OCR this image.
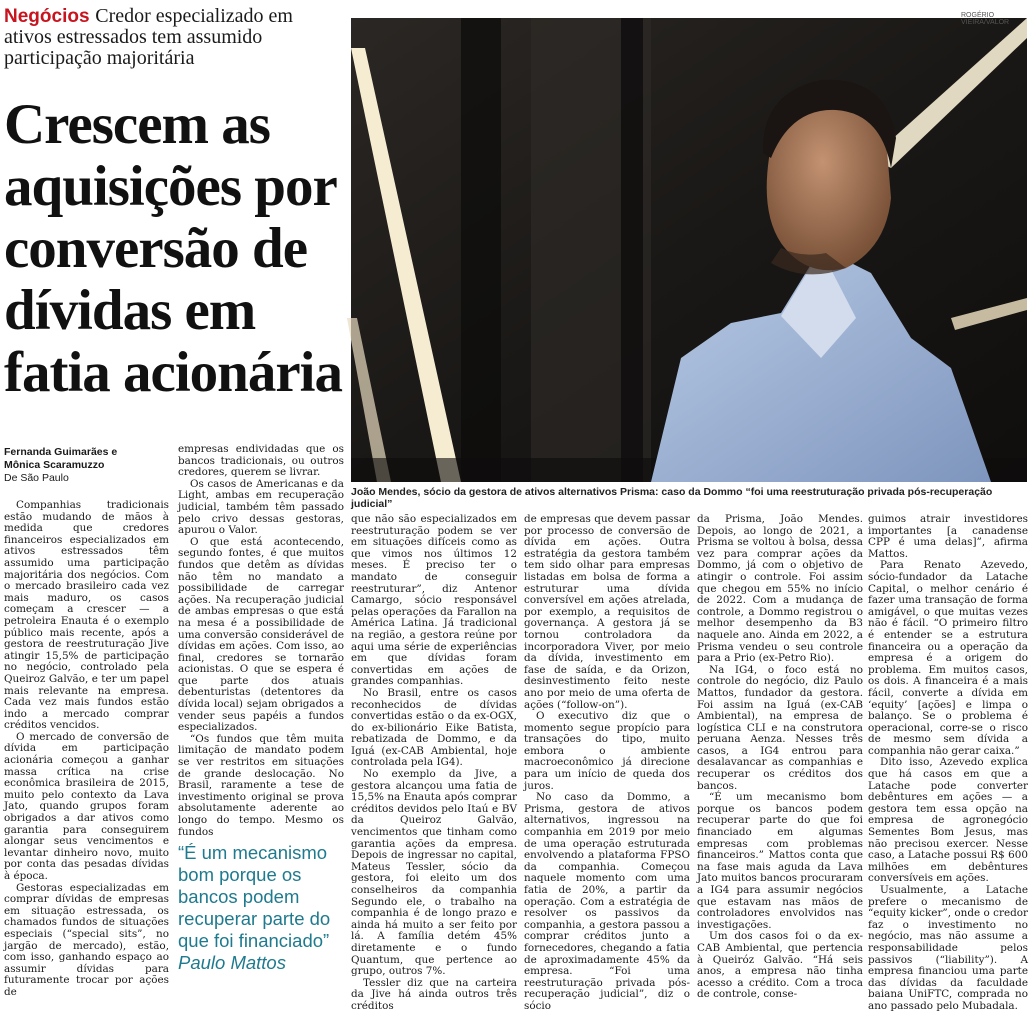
Negócios Credor especializado em ativos estressados tem assumido participação majoritária
Crescem as aquisições por conversão de dívidas em fatia acionária
ROGÉRIO VIEIRA/VALOR
João Mendes, sócio da gestora de ativos alternativos Prisma: caso da Dommo “foi uma reestruturação privada pós-recuperação judicial”
Fernanda Guimarães e
Mônica Scaramuzzo
De São Paulo

Companhias tradicionais estão mudando de mãos à medida que credores financeiros especializados em ativos estressados têm assumido uma participação majoritária dos negócios. Com o mercado brasileiro cada vez mais maduro, os casos começam a crescer — a petroleira Enauta é o exemplo público mais recente, após a gestora de reestruturação Jive atingir 15,5% de participação no negócio, controlado pela Queiroz Galvão, e ter um papel mais relevante na empresa. Cada vez mais fundos estão indo a mercado comprar créditos vencidos.

O mercado de conversão de dívida em participação acionária começou a ganhar massa crítica na crise econômica brasileira de 2015, muito pelo contexto da Lava Jato, quando grupos foram obrigados a dar ativos como garantia para conseguirem alongar seus vencimentos e levantar dinheiro novo, muito por conta das pesadas dívidas à época.

Gestoras especializadas em comprar dívidas de empresas em situação estressada, os chamados fundos de situações especiais (“special sits”, no jargão de mercado), estão, com isso, ganhando espaço ao assumir dívidas para futuramente trocar por ações de

empresas endividadas que os bancos tradicionais, ou outros credores, querem se livrar.

Os casos de Americanas e da Light, ambas em recuperação judicial, também têm passado pelo crivo dessas gestoras, apurou o Valor.

O que está acontecendo, segundo fontes, é que muitos fundos que detêm as dívidas não têm no mandato a possibilidade de carregar ações. Na recuperação judicial de ambas empresas o que está na mesa é a possibilidade de uma conversão considerável de dívidas em ações. Com isso, ao final, credores se tornarão acionistas. O que se espera é que parte dos atuais debenturistas (detentores da dívida local) sejam obrigados a vender seus papéis a fundos especializados.

“Os fundos que têm muita limitação de mandato podem se ver restritos em situações de grande deslocação. No Brasil, raramente a tese de investimento original se prova absolutamente aderente ao longo do tempo. Mesmo os fundos

“É um mecanismo bom porque os bancos podem recuperar parte do que foi financiado”
Paulo Mattos

que não são especializados em reestruturação podem se ver em situações difíceis como as que vimos nos últimos 12 meses. É preciso ter o mandato de conseguir reestruturar”, diz Antenor Camargo, sócio responsável pelas operações da Farallon na América Latina. Já tradicional na região, a gestora reúne por aqui uma série de experiências em que dívidas foram convertidas em ações de grandes companhias.

No Brasil, entre os casos reconhecidos de dívidas convertidas estão o da ex-OGX, do ex-bilionário Eike Batista, rebatizada de Dommo, e da Iguá (ex-CAB Ambiental, hoje controlada pela IG4).

No exemplo da Jive, a gestora alcançou uma fatia de 15,5% na Enauta após comprar créditos devidos pelo Itaú e BV da Queiroz Galvão, vencimentos que tinham como garantia ações da empresa. Depois de ingressar no capital, Mateus Tessler, sócio da gestora, foi eleito um dos conselheiros da companhia Segundo ele, o trabalho na companhia é de longo prazo e ainda há muito a ser feito por lá. A família detém 45% diretamente e o fundo Quantum, que pertence ao grupo, outros 7%.

Tessler diz que na carteira da Jive há ainda outros três créditos

de empresas que devem passar por processo de conversão de dívida em ações. Outra estratégia da gestora também tem sido olhar para empresas listadas em bolsa de forma a estruturar uma dívida conversível em ações atrelada, por exemplo, a requisitos de governança. A gestora já se tornou controladora da incorporadora Viver, por meio da dívida, investimento em fase de saída, e da Orizon, desinvestimento feito neste ano por meio de uma oferta de ações (“follow-on”).

O executivo diz que o momento segue propício para transações do tipo, muito embora o ambiente macroeconômico já direcione para um início de queda dos juros.

No caso da Dommo, a Prisma, gestora de ativos alternativos, ingressou na companhia em 2019 por meio de uma operação estruturada envolvendo a plataforma FPSO da companhia. Começou naquele momento com uma fatia de 20%, a partir da operação. Com a estratégia de resolver os passivos da companhia, a gestora passou a comprar créditos junto a fornecedores, chegando a fatia de aproximadamente 45% da empresa. “Foi uma reestruturação privada pós-recuperação judicial”, diz o sócio

da Prisma, João Mendes. Depois, ao longo de 2021, a Prisma se voltou à bolsa, dessa vez para comprar ações da Dommo, já com o objetivo de atingir o controle. Foi assim que chegou em 55% no início de 2022. Com a mudança de controle, a Dommo registrou o melhor desempenho da B3 naquele ano. Ainda em 2022, a Prisma vendeu o seu controle para a Prio (ex-Petro Rio).

Na IG4, o foco está no controle do negócio, diz Paulo Mattos, fundador da gestora. Foi assim na Iguá (ex-CAB Ambiental), na empresa de logística CLI e na construtora peruana Aenza. Nesses três casos, a IG4 entrou para desalavancar as companhias e recuperar os créditos dos bancos.

“É um mecanismo bom porque os bancos podem recuperar parte do que foi financiado em algumas empresas com problemas financeiros.” Mattos conta que na fase mais aguda da Lava Jato muitos bancos procuraram a IG4 para assumir negócios que estavam nas mãos de controladores envolvidos nas investigações.

Um dos casos foi o da ex-CAB Ambiental, que pertencia à Queiróz Galvão. “Há seis anos, a empresa não tinha acesso a crédito. Com a troca de controle, conse-

guimos atrair investidores importantes [a canadense CPP é uma delas]”, afirma Mattos.

Para Renato Azevedo, sócio-fundador da Latache Capital, o melhor cenário é fazer uma transação de forma amigável, o que muitas vezes não é fácil. “O primeiro filtro é entender se a estrutura financeira ou a operação da empresa é a origem do problema. Em muitos casos, os dois. A financeira é a mais fácil, converte a dívida em ‘equity’ [ações] e limpa o balanço. Se o problema é operacional, corre-se o risco de mesmo sem dívida a companhia não gerar caixa.”

Dito isso, Azevedo explica que há casos em que a Latache pode converter debêntures em ações — a gestora tem essa opção na empresa de agronegócio Sementes Bom Jesus, mas não precisou exercer. Nesse caso, a Latache possui R$ 600 milhões em debêntures conversíveis em ações.

Usualmente, a Latache prefere o mecanismo de “equity kicker”, onde o credor faz o investimento no negócio, mas não assume a responsabilidade pelos passivos (“liability”). A empresa financiou uma parte das dívidas da faculdade baiana UniFTC, comprada no ano passado pelo Mubadala.
